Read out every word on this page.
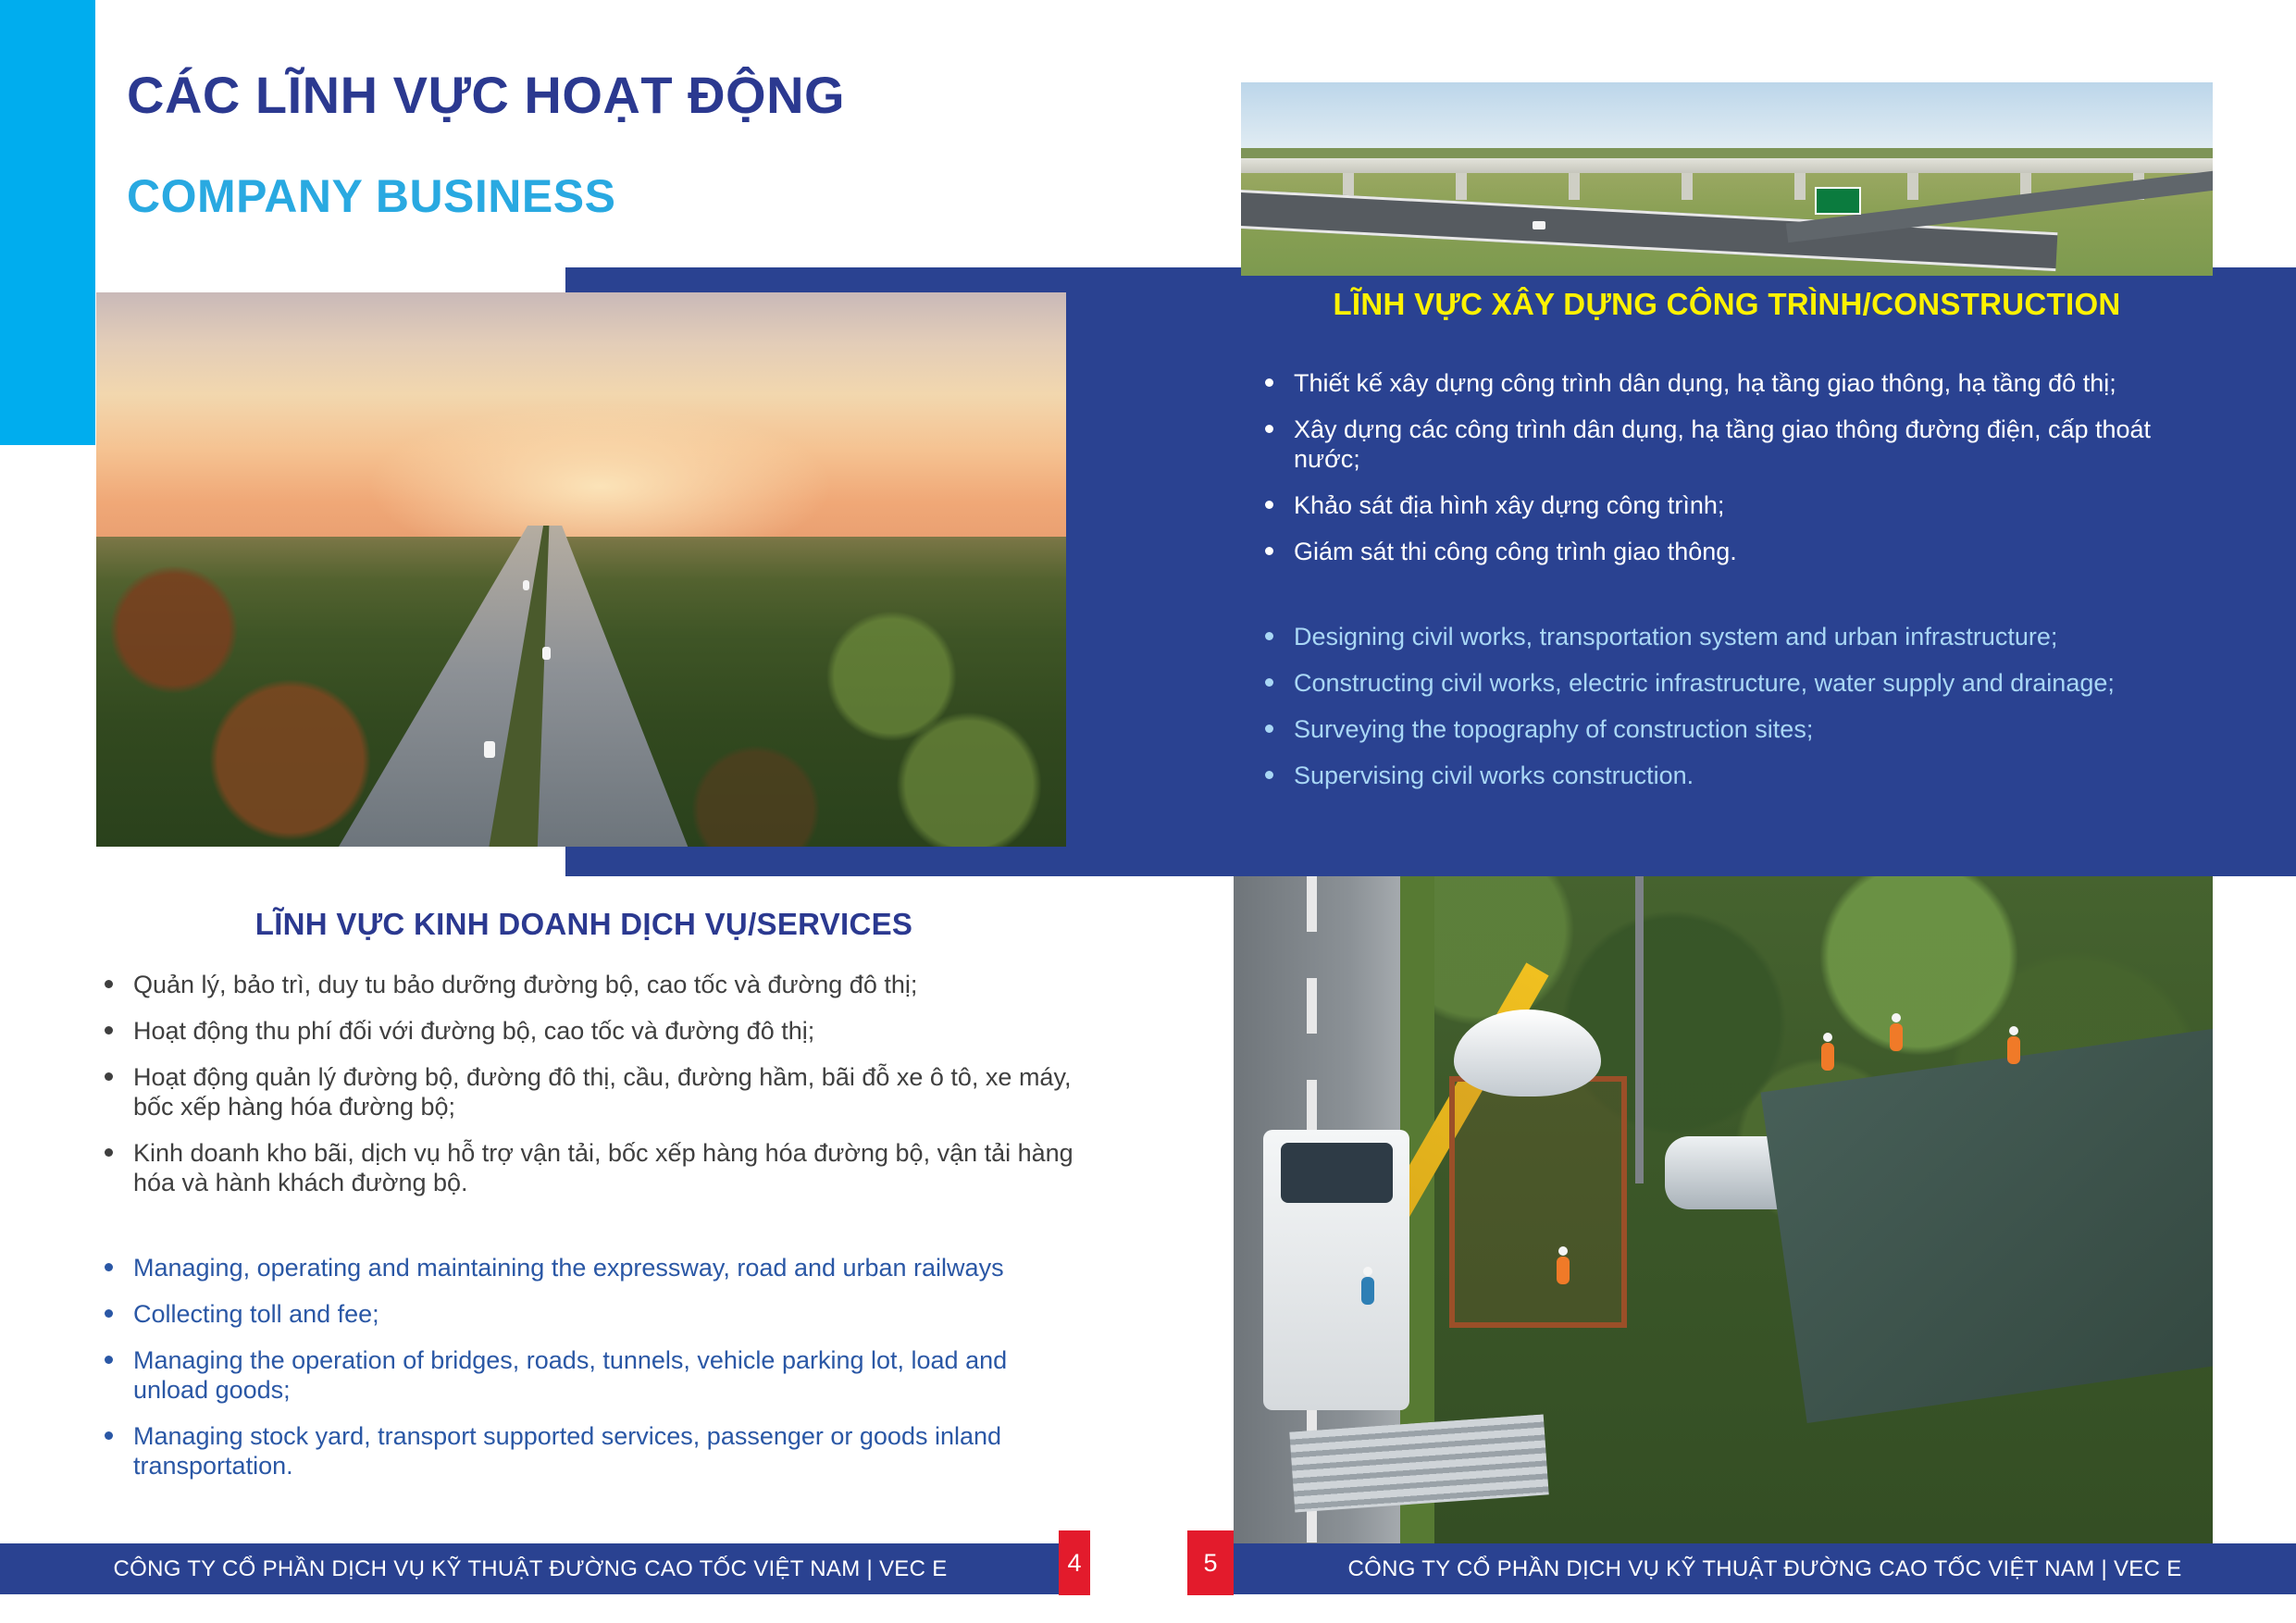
CÁC LĨNH VỰC HOẠT ĐỘNG
COMPANY BUSINESS
LĨNH VỰC XÂY DỰNG CÔNG TRÌNH/CONSTRUCTION
Thiết kế xây dựng công trình dân dụng, hạ tầng giao thông, hạ tầng đô thị;
Xây dựng các công trình dân dụng, hạ tầng giao thông đường điện, cấp thoát nước;
Khảo sát địa hình xây dựng công trình;
Giám sát thi công công trình giao thông.
Designing civil works, transportation system and urban infrastructure;
Constructing civil works, electric infrastructure, water supply and drainage;
Surveying the topography of construction sites;
Supervising civil works construction.
LĨNH VỰC KINH DOANH DỊCH VỤ/SERVICES
Quản lý, bảo trì, duy tu bảo dưỡng đường bộ, cao tốc và đường đô thị;
Hoạt động thu phí đối với đường bộ, cao tốc và đường đô thị;
Hoạt động quản lý đường bộ, đường đô thị, cầu, đường hầm, bãi đỗ xe ô tô, xe máy, bốc xếp hàng hóa đường bộ;
Kinh doanh kho bãi, dịch vụ hỗ trợ vận tải, bốc xếp hàng hóa đường bộ, vận tải hàng hóa và hành khách đường bộ.
Managing, operating and maintaining the expressway, road and urban railways
Collecting toll and fee;
Managing the operation of bridges, roads, tunnels, vehicle parking lot, load and unload goods;
Managing stock yard, transport supported services, passenger or goods inland transportation.
CÔNG TY CỔ PHẦN DỊCH VỤ KỸ THUẬT ĐƯỜNG CAO TỐC VIỆT NAM | VEC E	4	5	CÔNG TY CỔ PHẦN DỊCH VỤ KỸ THUẬT ĐƯỜNG CAO TỐC VIỆT NAM | VEC E
